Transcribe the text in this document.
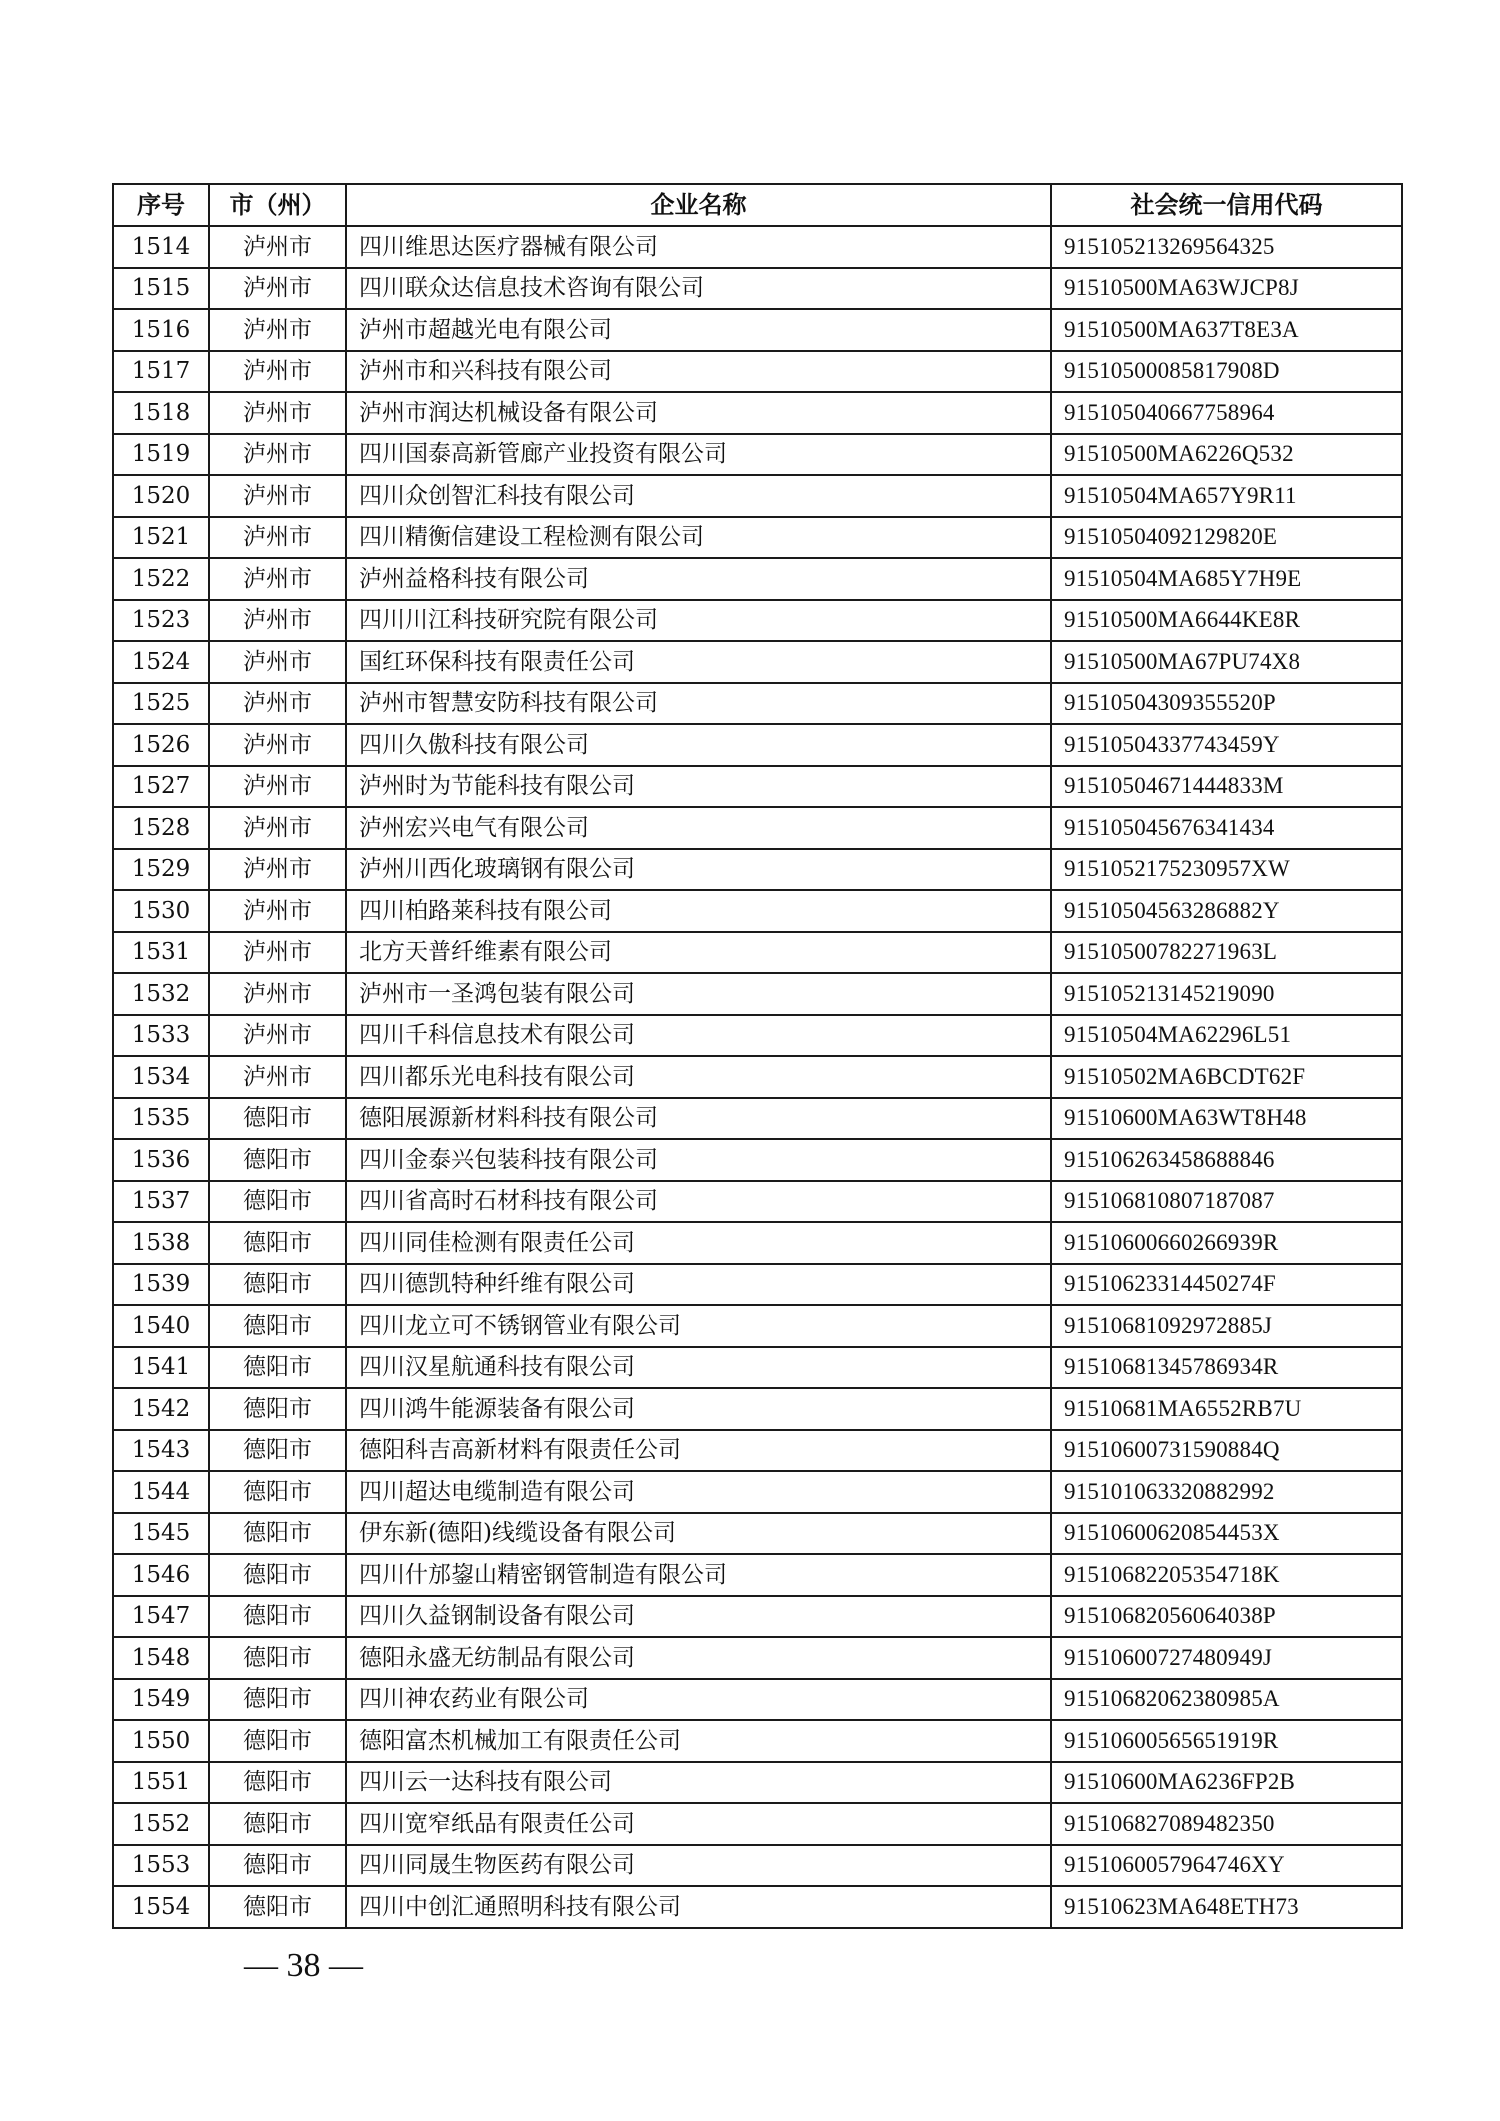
序号	市（州）	企业名称	社会统一信用代码
1514	泸州市	四川维思达医疗器械有限公司	915105213269564325
1515	泸州市	四川联众达信息技术咨询有限公司	91510500MA63WJCP8J
1516	泸州市	泸州市超越光电有限公司	91510500MA637T8E3A
1517	泸州市	泸州市和兴科技有限公司	91510500085817908D
1518	泸州市	泸州市润达机械设备有限公司	915105040667758964
1519	泸州市	四川国泰高新管廊产业投资有限公司	91510500MA6226Q532
1520	泸州市	四川众创智汇科技有限公司	91510504MA657Y9R11
1521	泸州市	四川精衡信建设工程检测有限公司	91510504092129820E
1522	泸州市	泸州益格科技有限公司	91510504MA685Y7H9E
1523	泸州市	四川川江科技研究院有限公司	91510500MA6644KE8R
1524	泸州市	国红环保科技有限责任公司	91510500MA67PU74X8
1525	泸州市	泸州市智慧安防科技有限公司	91510504309355520P
1526	泸州市	四川久傲科技有限公司	91510504337743459Y
1527	泸州市	泸州时为节能科技有限公司	91510504671444833M
1528	泸州市	泸州宏兴电气有限公司	915105045676341434
1529	泸州市	泸州川西化玻璃钢有限公司	9151052175230957XW
1530	泸州市	四川柏路莱科技有限公司	91510504563286882Y
1531	泸州市	北方天普纤维素有限公司	91510500782271963L
1532	泸州市	泸州市一圣鸿包装有限公司	915105213145219090
1533	泸州市	四川千科信息技术有限公司	91510504MA62296L51
1534	泸州市	四川都乐光电科技有限公司	91510502MA6BCDT62F
1535	德阳市	德阳展源新材料科技有限公司	91510600MA63WT8H48
1536	德阳市	四川金泰兴包装科技有限公司	915106263458688846
1537	德阳市	四川省高时石材科技有限公司	915106810807187087
1538	德阳市	四川同佳检测有限责任公司	91510600660266939R
1539	德阳市	四川德凯特种纤维有限公司	91510623314450274F
1540	德阳市	四川龙立可不锈钢管业有限公司	91510681092972885J
1541	德阳市	四川汉星航通科技有限公司	91510681345786934R
1542	德阳市	四川鸿牛能源装备有限公司	91510681MA6552RB7U
1543	德阳市	德阳科吉高新材料有限责任公司	91510600731590884Q
1544	德阳市	四川超达电缆制造有限公司	915101063320882992
1545	德阳市	伊东新(德阳)线缆设备有限公司	91510600620854453X
1546	德阳市	四川什邡鋆山精密钢管制造有限公司	91510682205354718K
1547	德阳市	四川久益钢制设备有限公司	91510682056064038P
1548	德阳市	德阳永盛无纺制品有限公司	91510600727480949J
1549	德阳市	四川神农药业有限公司	91510682062380985A
1550	德阳市	德阳富杰机械加工有限责任公司	91510600565651919R
1551	德阳市	四川云一达科技有限公司	91510600MA6236FP2B
1552	德阳市	四川宽窄纸品有限责任公司	915106827089482350
1553	德阳市	四川同晟生物医药有限公司	9151060057964746XY
1554	德阳市	四川中创汇通照明科技有限公司	91510623MA648ETH73
— 38 —
